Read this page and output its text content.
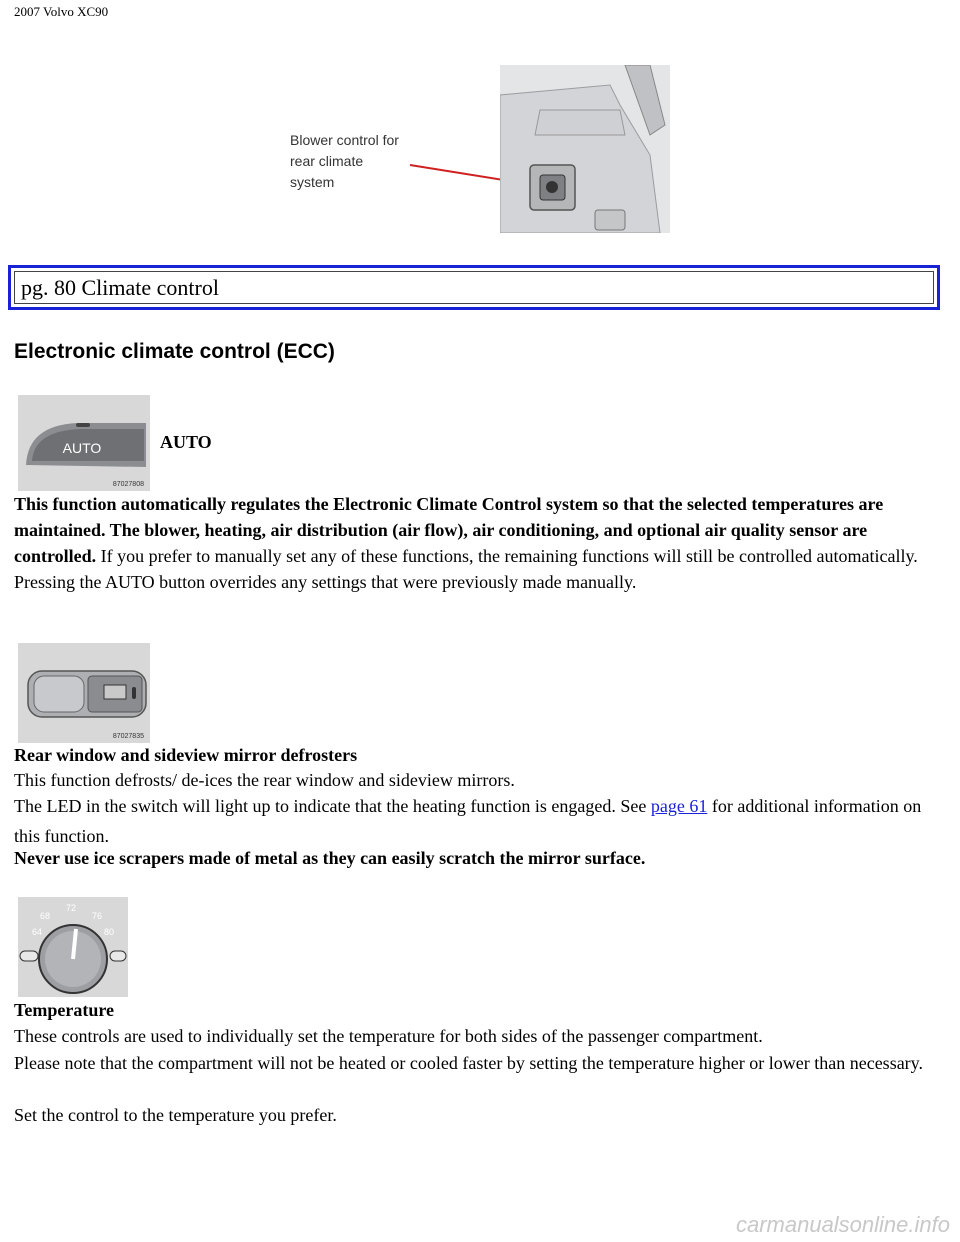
2007 Volvo XC90
Blower control for rear climate system
pg. 80 Climate control
Electronic climate control (ECC)
AUTO
87027808
AUTO
This function automatically regulates the Electronic Climate Control system so that the selected temperatures are maintained. The blower, heating, air distribution (air flow), air conditioning, and optional air quality sensor are controlled. If you prefer to manually set any of these functions, the remaining functions will still be controlled automatically. Pressing the AUTO button overrides any settings that were previously made manually.
87027835
Rear window and sideview mirror defrosters
This function defrosts/ de-ices the rear window and sideview mirrors.
The LED in the switch will light up to indicate that the heating function is engaged. See page 61 for additional information on this function.
Never use ice scrapers made of metal as they can easily scratch the mirror surface.
64
68
72
76
80
Temperature
These controls are used to individually set the temperature for both sides of the passenger compartment.
Please note that the compartment will not be heated or cooled faster by setting the temperature higher or lower than necessary.
Set the control to the temperature you prefer.
carmanualsonline.info
